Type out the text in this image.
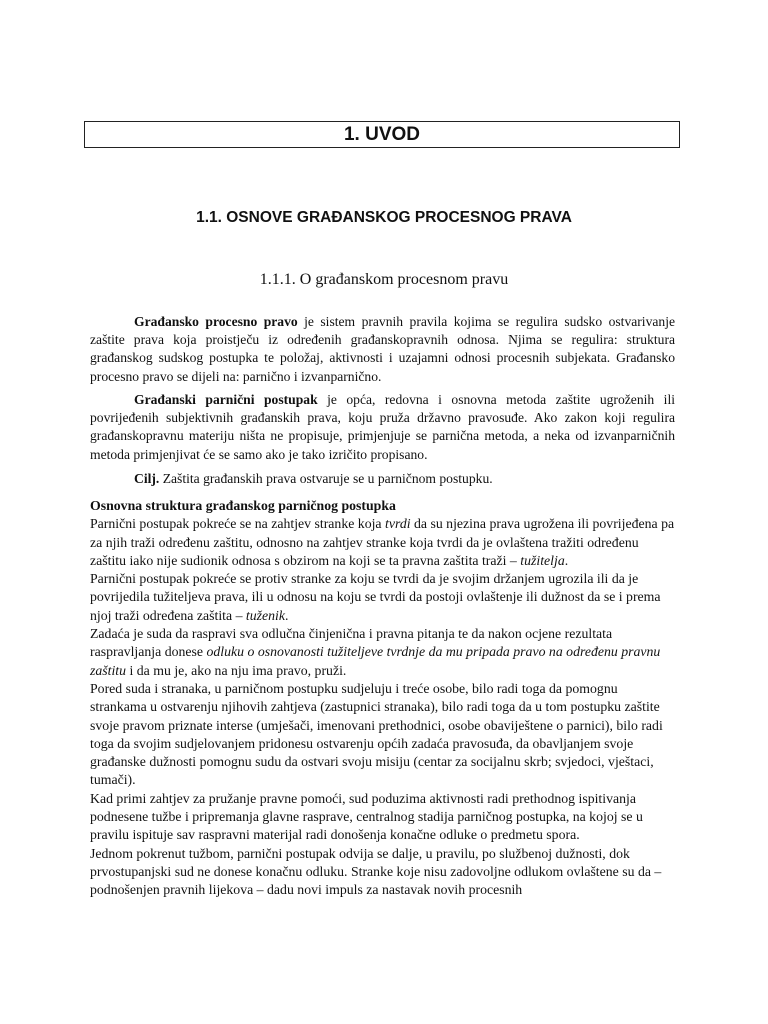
1. UVOD
1.1. OSNOVE GRAĐANSKOG PROCESNOG PRAVA
1.1.1. O građanskom procesnom pravu
Građansko procesno pravo je sistem pravnih pravila kojima se regulira sudsko ostvarivanje zaštite prava koja proistječu iz određenih građanskopravnih odnosa. Njima se regulira: struktura građanskog sudskog postupka te položaj, aktivnosti i uzajamni odnosi procesnih subjekata. Građansko procesno pravo se dijeli na: parnično i izvanparnično.
Građanski parnični postupak je opća, redovna i osnovna metoda zaštite ugroženih ili povrijeđenih subjektivnih građanskih prava, koju pruža državno pravosuđe. Ako zakon koji regulira građanskopravnu materiju ništa ne propisuje, primjenjuje se parnična metoda, a neka od izvanparničnih metoda primjenjivat će se samo ako je tako izričito propisano.
Cilj. Zaštita građanskih prava ostvaruje se u parničnom postupku.

Osnovna struktura građanskog parničnog postupka

Parnični postupak pokreće se na zahtjev stranke koja tvrdi da su njezina prava ugrožena ili povrijeđena pa za njih traži određenu zaštitu, odnosno na zahtjev stranke koja tvrdi da je ovlaštena tražiti određenu zaštitu iako nije sudionik odnosa s obzirom na koji se ta pravna zaštita traži – tužitelja.

Parnični postupak pokreće se protiv stranke za koju se tvrdi da je svojim držanjem ugrozila ili da je povrijedila tužiteljeva prava, ili u odnosu na koju se tvrdi da postoji ovlaštenje ili dužnost da se i prema njoj traži određena zaštita – tuženik.

Zadaća je suda da raspravi sva odlučna činjenična i pravna pitanja te da nakon ocjene rezultata raspravljanja donese odluku o osnovanosti tužiteljeve tvrdnje da mu pripada pravo na određenu pravnu zaštitu i da mu je, ako na nju ima pravo, pruži.

Pored suda i stranaka, u parničnom postupku sudjeluju i treće osobe, bilo radi toga da pomognu strankama u ostvarenju njihovih zahtjeva (zastupnici stranaka), bilo radi toga da u tom postupku zaštite svoje pravom priznate interse (umješači, imenovani prethodnici, osobe obaviještene o parnici), bilo radi toga da svojim sudjelovanjem pridonesu ostvarenju općih zadaća pravosuđa, da obavljanjem svoje građanske dužnosti pomognu sudu da ostvari svoju misiju (centar za socijalnu skrb; svjedoci, vještaci, tumači).

Kad primi zahtjev za pružanje pravne pomoći, sud poduzima aktivnosti radi prethodnog ispitivanja podnesene tužbe i pripremanja glavne rasprave, centralnog stadija parničnog postupka, na kojoj se u pravilu ispituje sav raspravni materijal radi donošenja konačne odluke o predmetu spora.

Jednom pokrenut tužbom, parnični postupak odvija se dalje, u pravilu, po službenoj dužnosti, dok prvostupanjski sud ne donese konačnu odluku. Stranke koje nisu zadovoljne odlukom ovlaštene su da – podnošenjen pravnih lijekova – dadu novi impuls za nastavak novih procesnih
